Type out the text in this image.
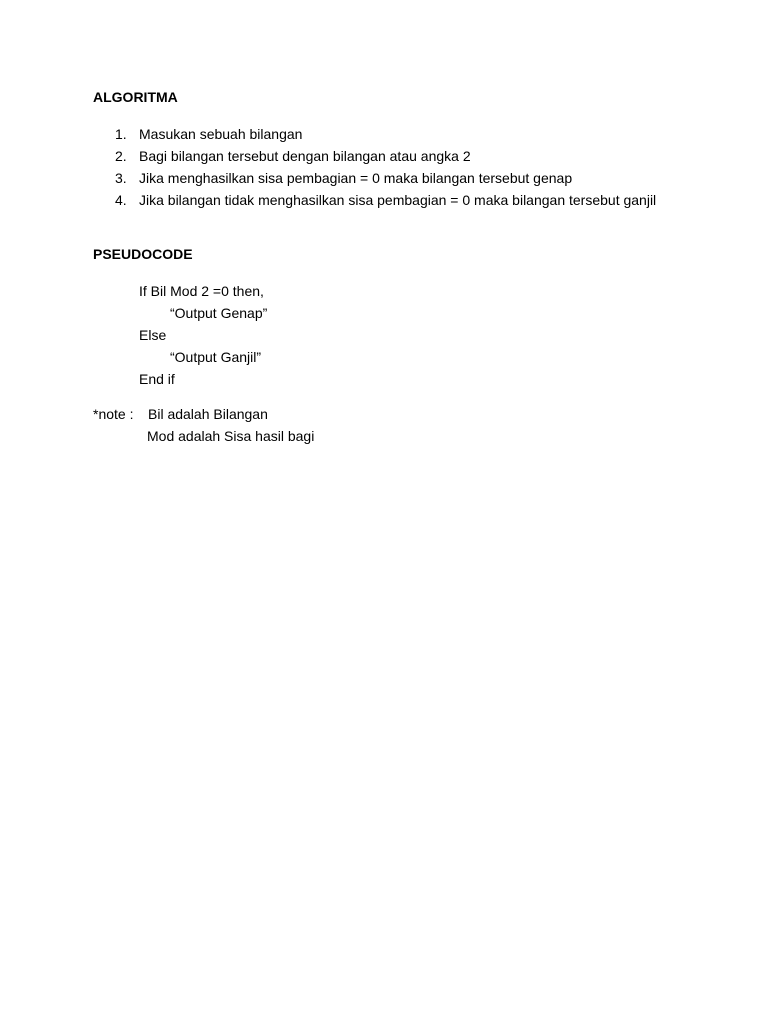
ALGORITMA
1. Masukan sebuah bilangan
2. Bagi bilangan tersebut dengan bilangan atau angka 2
3. Jika menghasilkan sisa pembagian = 0 maka bilangan tersebut genap
4. Jika bilangan tidak menghasilkan sisa pembagian = 0 maka bilangan tersebut ganjil
PSEUDOCODE
If Bil Mod 2 =0 then,
“Output Genap”
Else
“Output Ganjil”
End if
*note : Bil adalah Bilangan
Mod adalah Sisa hasil bagi
